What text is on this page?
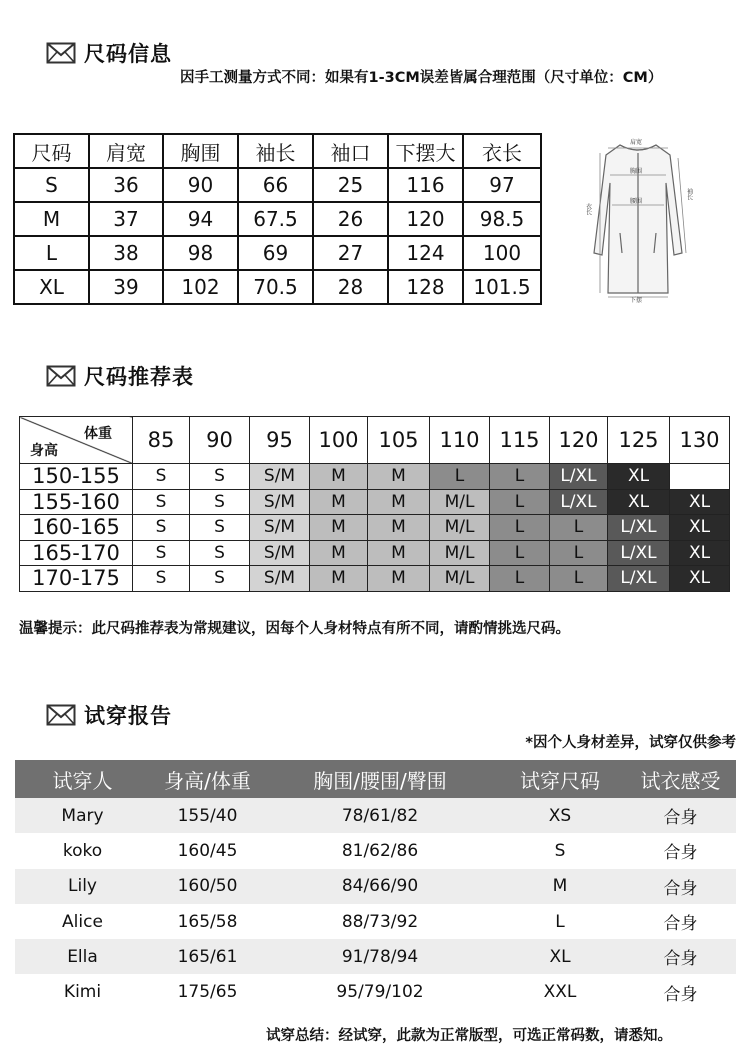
尺码信息
因手工测量方式不同：如果有1-3CM误差皆属合理范围（尺寸单位：CM）
尺码	肩宽	胸围	袖长	袖口	下摆大	衣长
S	36	90	66	25	116	97
M	37	94	67.5	26	120	98.5
L	38	98	69	27	124	100
XL	39	102	70.5	28	128	101.5
肩宽
胸围
腰围
下摆
衣长
袖长
尺码推荐表
体重
身高	85	90	95	100	105	110	115	120	125	130
150-155	S	S	S/M	M	M	L	L	L/XL	XL	
155-160	S	S	S/M	M	M	M/L	L	L/XL	XL	XL
160-165	S	S	S/M	M	M	M/L	L	L	L/XL	XL
165-170	S	S	S/M	M	M	M/L	L	L	L/XL	XL
170-175	S	S	S/M	M	M	M/L	L	L	L/XL	XL
温馨提示：此尺码推荐表为常规建议，因每个人身材特点有所不同，请酌情挑选尺码。
试穿报告
*因个人身材差异，试穿仅供参考
试穿人	身高/体重	胸围/腰围/臀围	试穿尺码	试衣感受
Mary	155/40	78/61/82	XS	合身
koko	160/45	81/62/86	S	合身
Lily	160/50	84/66/90	M	合身
Alice	165/58	88/73/92	L	合身
Ella	165/61	91/78/94	XL	合身
Kimi	175/65	95/79/102	XXL	合身
试穿总结：经试穿，此款为正常版型，可选正常码数，请悉知。
